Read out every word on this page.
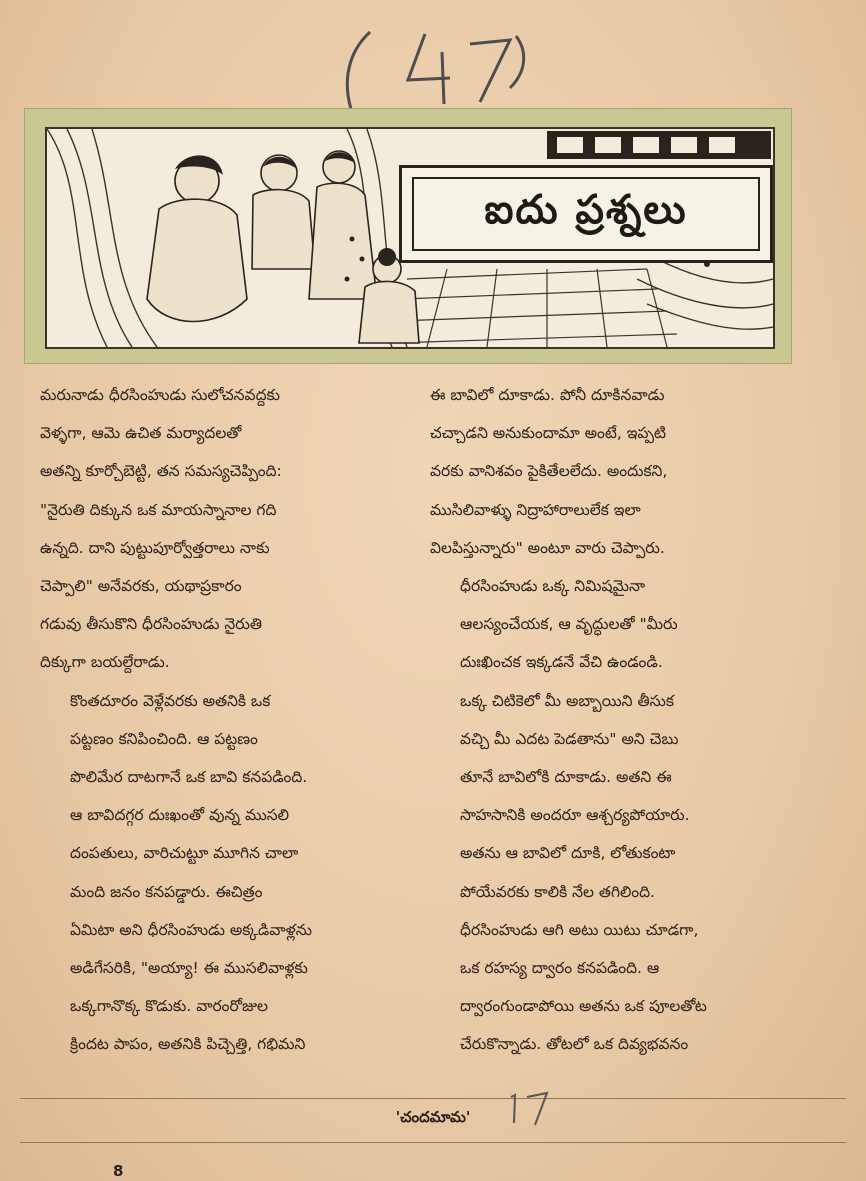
ఐదు ప్రశ్నలు

మరునాడు ధీరసింహుడు సులోచనవద్దకు
వెళ్ళగా, ఆమె ఉచిత మర్యాదలతో
అతన్ని కూర్చోబెట్టి, తన సమస్యచెప్పింది:
"నైరుతి దిక్కున ఒక మాయస్నానాల గది
ఉన్నది. దాని పుట్టుపూర్వోత్తరాలు నాకు
చెప్పాలి" అనేవరకు, యథాప్రకారం
గడువు తీసుకొని ధీరసింహుడు నైరుతి
దిక్కుగా బయల్దేరాడు.

కొంతదూరం వెళ్లేవరకు అతనికి ఒక
పట్టణం కనిపించింది. ఆ పట్టణం
పొలిమేర దాటగానే ఒక బావి కనపడింది.
ఆ బావిదగ్గర దుఃఖంతో వున్న ముసలి
దంపతులు, వారిచుట్టూ మూగిన చాలా
మంది జనం కనపడ్డారు. ఈచిత్రం
ఏమిటా అని ధీరసింహుడు అక్కడివాళ్లను
అడిగేసరికి, "అయ్యా! ఈ ముసలివాళ్లకు
ఒక్కగానొక్క కొడుకు. వారంరోజుల
క్రిందట పాపం, అతనికి పిచ్చెత్తి, గభిమని

ఈ బావిలో దూకాడు. పోనీ దూకినవాడు
చచ్చాడని అనుకుందామా అంటే, ఇప్పటి
వరకు వానిశవం పైకితేలలేదు. అందుకని,
ముసిలివాళ్ళు నిద్రాహారాలులేక ఇలా
విలపిస్తున్నారు" అంటూ వారు చెప్పారు.

ధీరసింహుడు ఒక్క నిమిషమైనా
ఆలస్యంచేయక, ఆ వృద్ధులతో "మీరు
దుఃఖించక ఇక్కడనే వేచి ఉండండి.
ఒక్క చిటికెలో మీ అబ్బాయిని తీసుక
వచ్చి మీ ఎదట పెడతాను" అని చెబు
తూనే బావిలోకి దూకాడు. అతని ఈ
సాహసానికి అందరూ ఆశ్చర్యపోయారు.

అతను ఆ బావిలో దూకి, లోతుకంటా
పోయేవరకు కాలికి నేల తగిలింది.
ధీరసింహుడు ఆగి అటు యిటు చూడగా,
ఒక రహస్య ద్వారం కనపడింది. ఆ
ద్వారంగుండాపోయి అతను ఒక పూలతోట
చేరుకొన్నాడు. తోటలో ఒక దివ్యభవనం

'చందమామ'
8
